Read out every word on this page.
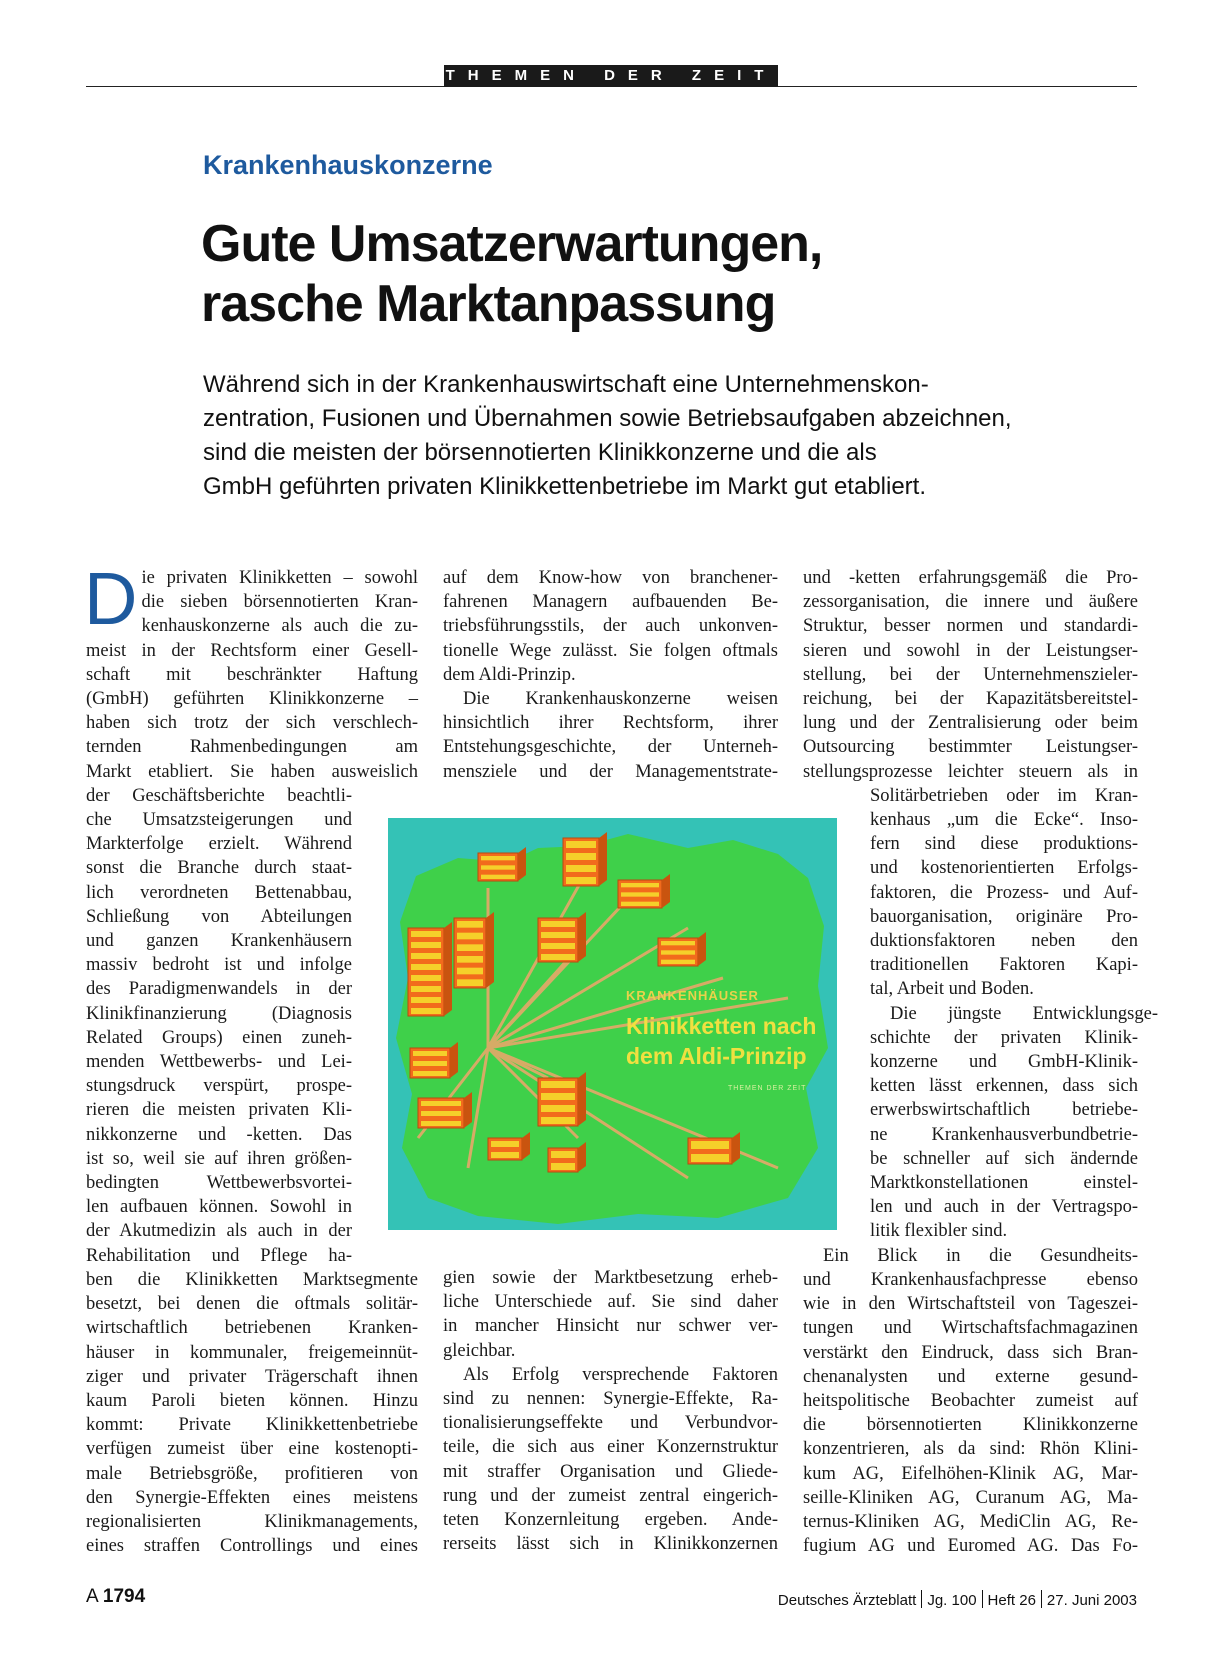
THEMEN DER ZEIT
Krankenhauskonzerne
Gute Umsatzerwartungen,
rasche Marktanpassung

Während sich in der Krankenhauswirtschaft eine Unternehmenskon-
zentration, Fusionen und Übernahmen sowie Betriebsaufgaben abzeichnen,
sind die meisten der börsennotierten Klinikkonzerne und die als
GmbH geführten privaten Klinikkettenbetriebe im Markt gut etabliert.

D ie privaten Klinikketten – sowohl
die sieben börsennotierten Kran-
kenhauskonzerne als auch die zu-
meist in der Rechtsform einer Gesell-
schaft mit beschränkter Haftung
(GmbH) geführten Klinikkonzerne –
haben sich trotz der sich verschlech-
ternden Rahmenbedingungen am
Markt etabliert. Sie haben ausweislich
der Geschäftsberichte beachtli-
che Umsatzsteigerungen und
Markterfolge erzielt. Während
sonst die Branche durch staat-
lich verordneten Bettenabbau,
Schließung von Abteilungen
und ganzen Krankenhäusern
massiv bedroht ist und infolge
des Paradigmenwandels in der
Klinikfinanzierung (Diagnosis
Related Groups) einen zuneh-
menden Wettbewerbs- und Lei-
stungsdruck verspürt, prospe-
rieren die meisten privaten Kli-
nikkonzerne und -ketten. Das
ist so, weil sie auf ihren größen-
bedingten Wettbewerbsvortei-
len aufbauen können. Sowohl in
der Akutmedizin als auch in der
Rehabilitation und Pflege ha-
ben die Klinikketten Marktsegmente
besetzt, bei denen die oftmals solitär-
wirtschaftlich betriebenen Kranken-
häuser in kommunaler, freigemeinnüt-
ziger und privater Trägerschaft ihnen
kaum Paroli bieten können. Hinzu
kommt: Private Klinikkettenbetriebe
verfügen zumeist über eine kostenopti-
male Betriebsgröße, profitieren von
den Synergie-Effekten eines meistens
regionalisierten Klinikmanagements,
eines straffen Controllings und eines
auf dem Know-how von branchener-
fahrenen Managern aufbauenden Be-
triebsführungsstils, der auch unkonven-
tionelle Wege zulässt. Sie folgen oftmals
dem Aldi-Prinzip.
Die Krankenhauskonzerne weisen
hinsichtlich ihrer Rechtsform, ihrer
Entstehungsgeschichte, der Unterneh-
mensziele und der Managementstrate-
gien sowie der Marktbesetzung erheb-
liche Unterschiede auf. Sie sind daher
in mancher Hinsicht nur schwer ver-
gleichbar.
Als Erfolg versprechende Faktoren
sind zu nennen: Synergie-Effekte, Ra-
tionalisierungseffekte und Verbundvor-
teile, die sich aus einer Konzernstruktur
mit straffer Organisation und Gliede-
rung und der zumeist zentral eingerich-
teten Konzernleitung ergeben. Ande-
rerseits lässt sich in Klinikkonzernen
und -ketten erfahrungsgemäß die Pro-
zessorganisation, die innere und äußere
Struktur, besser normen und standardi-
sieren und sowohl in der Leistungser-
stellung, bei der Unternehmenszieler-
reichung, bei der Kapazitätsbereitstel-
lung und der Zentralisierung oder beim
Outsourcing bestimmter Leistungser-
stellungsprozesse leichter steuern als in
Solitärbetrieben oder im Kran-
kenhaus „um die Ecke“. Inso-
fern sind diese produktions-
und kostenorientierten Erfolgs-
faktoren, die Prozess- und Auf-
bauorganisation, originäre Pro-
duktionsfaktoren neben den
traditionellen Faktoren Kapi-
tal, Arbeit und Boden.
Die jüngste Entwicklungsge-
schichte der privaten Klinik-
konzerne und GmbH-Klinik-
ketten lässt erkennen, dass sich
erwerbswirtschaftlich betriebe-
ne Krankenhausverbundbetrie-
be schneller auf sich ändernde
Marktkonstellationen einstel-
len und auch in der Vertragspo-
litik flexibler sind.
Ein Blick in die Gesundheits-
und Krankenhausfachpresse ebenso
wie in den Wirtschaftsteil von Tageszei-
tungen und Wirtschaftsfachmagazinen
verstärkt den Eindruck, dass sich Bran-
chenanalysten und externe gesund-
heitspolitische Beobachter zumeist auf
die börsennotierten Klinikkonzerne
konzentrieren, als da sind: Rhön Klini-
kum AG, Eifelhöhen-Klinik AG, Mar-
seille-Kliniken AG, Curanum AG, Ma-
ternus-Kliniken AG, MediClin AG, Re-
fugium AG und Euromed AG. Das Fo-
KRANKENHÄUSER
Klinikketten nach
dem Aldi-Prinzip
THEMEN DER ZEIT
A 1794	Deutsches Ärzteblatt Jg. 100 Heft 26 27. Juni 2003
